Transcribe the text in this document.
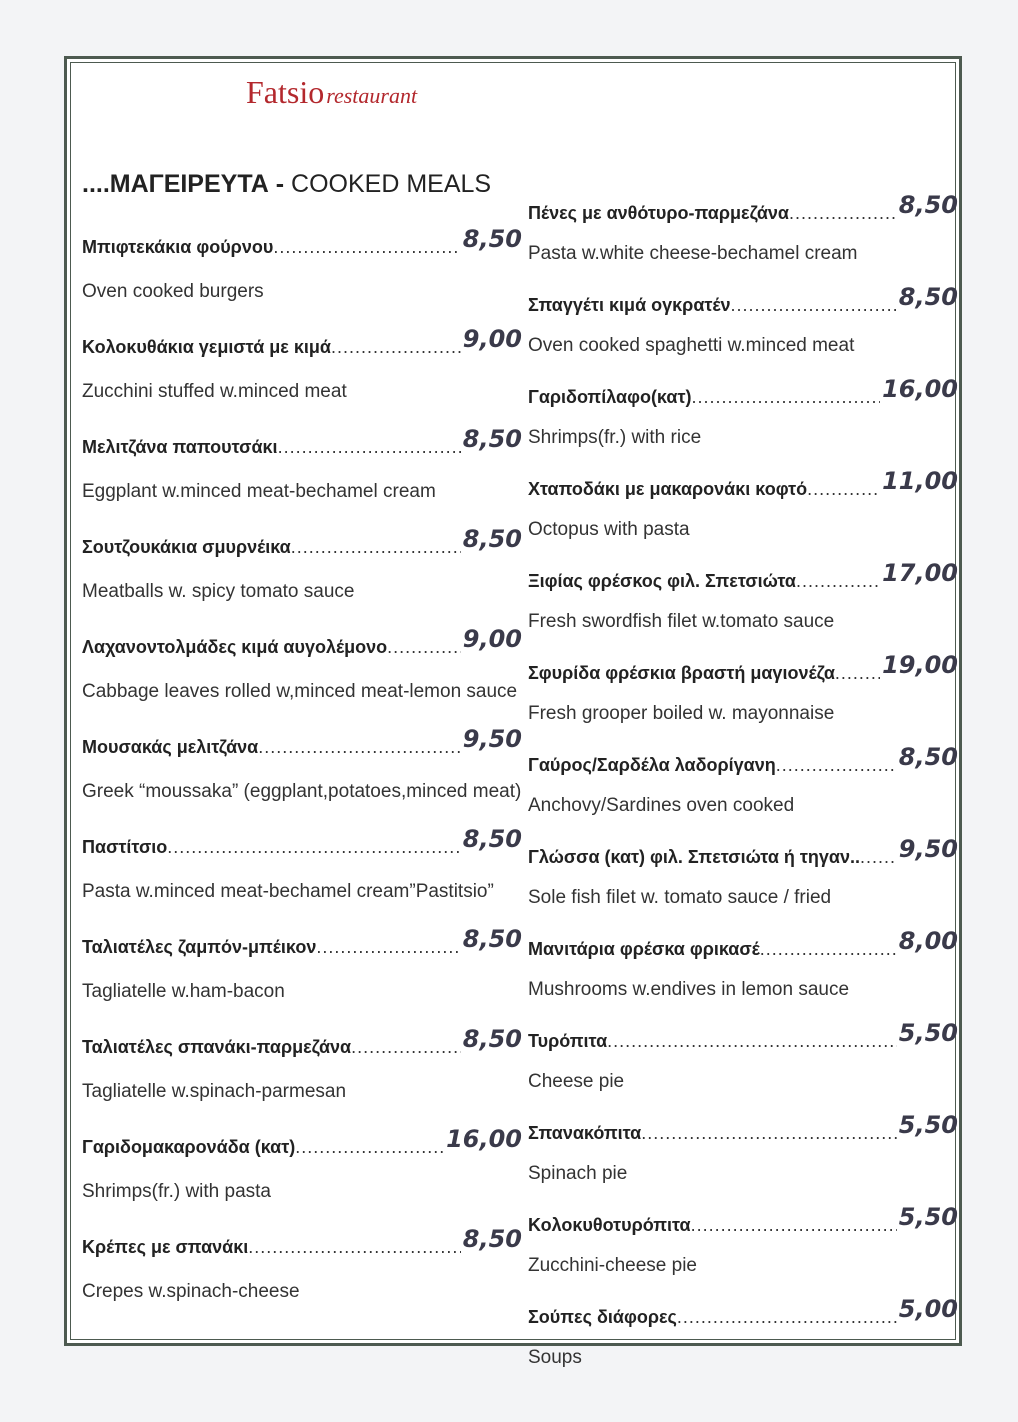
Fatsiorestaurant
....ΜΑΓΕΙΡΕΥΤΑ - COOKED MEALS
Μπιφτεκάκια φούρνου .....	8,50
Oven cooked burgers
Κολοκυθάκια γεμιστά με κιμά .....	9,00
Zucchini stuffed w.minced meat
Μελιτζάνα παπουτσάκι .....	8,50
Eggplant w.minced meat-bechamel cream
Σουτζουκάκια σμυρνέικα .....	8,50
Meatballs w. spicy tomato sauce
Λαχανοντολμάδες κιμά αυγολέμονο .....	9,00
Cabbage leaves rolled w,minced meat-lemon sauce
Μουσακάς μελιτζάνα .....	9,50
Greek “moussaka” (eggplant,potatoes,minced meat)
Παστίτσιο .....	8,50
Pasta w.minced meat-bechamel cream”Pastitsio”
Ταλιατέλες ζαμπόν-μπέικον .....	8,50
Tagliatelle w.ham-bacon
Ταλιατέλες σπανάκι-παρμεζάνα .....	8,50
Tagliatelle w.spinach-parmesan
Γαριδομακαρονάδα (κατ) .....	16,00
Shrimps(fr.) with pasta
Κρέπες με σπανάκι .....	8,50
Crepes w.spinach-cheese
Πένες με ανθότυρο-παρμεζάνα .....	8,50
Pasta w.white cheese-bechamel cream
Σπαγγέτι κιμά ογκρατέν .....	8,50
Oven cooked spaghetti w.minced meat
Γαριδοπίλαφο(κατ) .....	16,00
Shrimps(fr.) with rice
Χταποδάκι με μακαρονάκι κοφτό .....	11,00
Octopus with pasta
Ξιφίας φρέσκος φιλ. Σπετσιώτα .....	17,00
Fresh swordfish filet w.tomato sauce
Σφυρίδα φρέσκια βραστή μαγιονέζα ..... 19,00
Fresh grooper boiled w. mayonnaise
Γαύρος/Σαρδέλα λαδορίγανη .....	8,50
Anchovy/Sardines oven cooked
Γλώσσα (κατ) φιλ. Σπετσιώτα ή τηγαν.. ..... 9,50
Sole fish filet w. tomato sauce / fried
Μανιτάρια φρέσκα φρικασέ .....	8,00
Mushrooms w.endives in lemon sauce
Τυρόπιτα .....	5,50
Cheese pie
Σπανακόπιτα .....	5,50
Spinach pie
Κολοκυθοτυρόπιτα .....	5,50
Zucchini-cheese pie
Σούπες διάφορες .....	5,00
Soups
